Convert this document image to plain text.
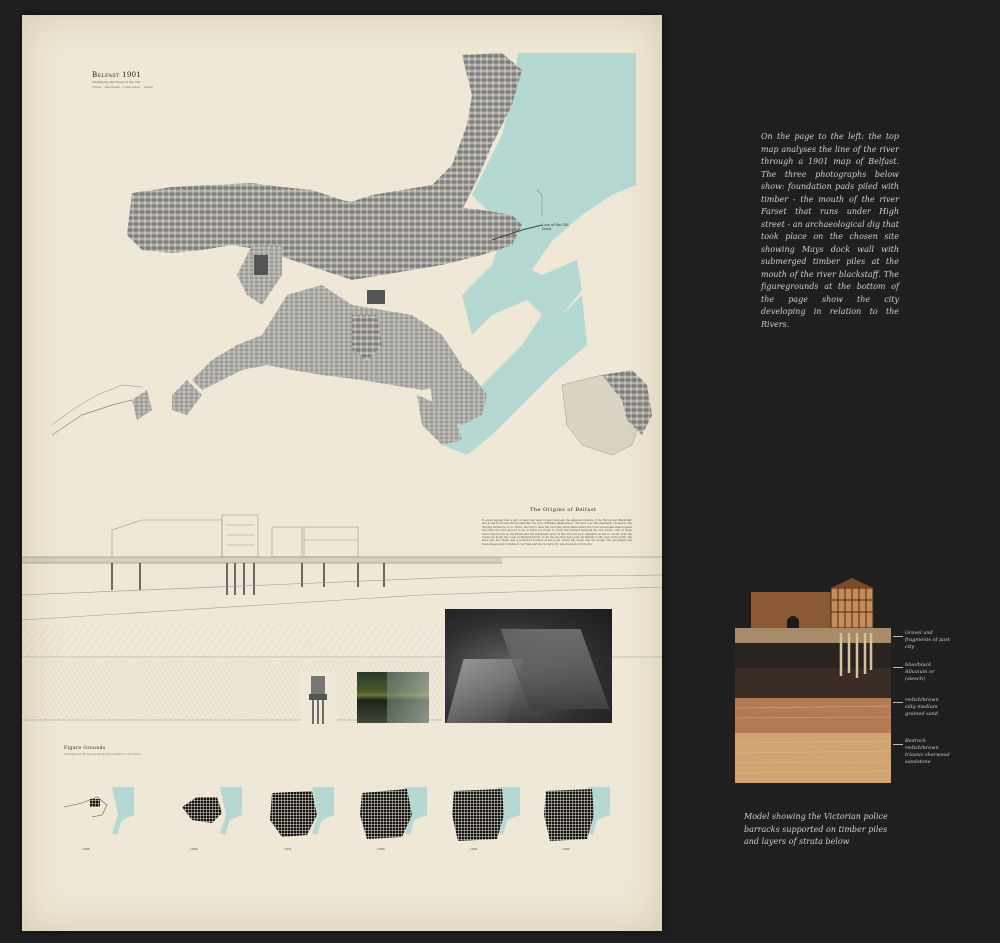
Belfast 1901
Overlaying the rivers of the city
Farset · Blackstaff · Connswater · Lagan
Line of the Old Dock
The Origins of Belfast
It would appear that a spit of sand had been formed between the adjacent mouths of the Farset and Blackstaff, and it was from this firm ground that the ford of Belfast (Bealfeirste), "the ford over the sandbank" crossed to the bulging foreshore of Co. Down. Second to later the low-lying mud plains where the town would take shape beside the river, the ford proved to be of value for traffic to cross the lowland between the two rivers. One of those rivers was known as the Farset and the settlement grew at the ford across it. Similarly on the Co. Down side, the roads ran along the coast at Ballymacarrett. In all the shortest sea route via Belfast to the rest of the north, the land rose and there was a protected location at the point where the rivers met the lough. The geography has been shaped and reclaimed over time and the modern city was founded on this site.
Figure Grounds
Showing how the city has developed in relation to the rivers
1685	1800	1821	1860	1901	1983
On the page to the left: the top map analyses the line of the river through a 1901 map of Belfast. The three photographs below show: foundation pads piled with timber - the mouth of the river Farset that runs under High street - an archaeological dig that took place on the chosen site showing Mays dock wall with submerged timber piles at the mouth of the river blackstaff. The figuregrounds at the bottom of the page show the city developing in relation to the Rivers.
Gravel and fragments of past city
blue/black Alluvium or (sleech)
redish/brown silty medium grained sand
Bedrock redish/brown triassic sherwood sandstone
Model showing the Victorian police barracks supported on timber piles and layers of strata below
